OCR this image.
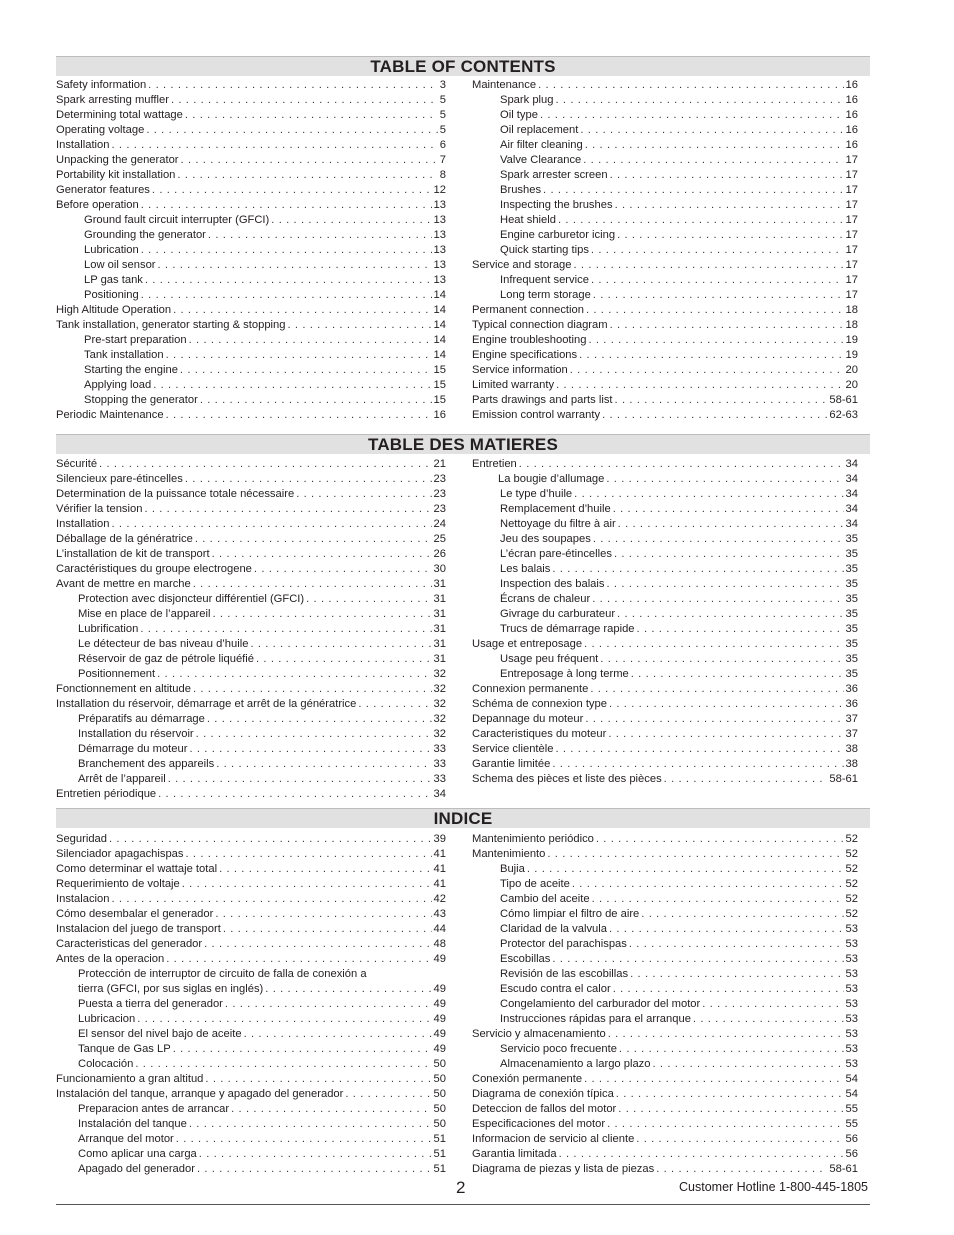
TABLE OF CONTENTS
Safety information . . .	3
Spark arresting muffler . . .	5
Determining total wattage . . .	5
Operating voltage . . .	5
Installation . . .	6
Unpacking the generator . . .	7
Portability kit installation . . .	8
Generator features . . .	12
Before operation . . .	13
Ground fault circuit interrupter (GFCI) . . .	13
Grounding the generator . . .	13
Lubrication . . .	13
Low oil sensor . . .	13
LP gas tank . . .	13
Positioning . . .	14
High Altitude Operation . . .	14
Tank installation, generator starting & stopping . . .	14
Pre-start preparation . . .	14
Tank installation . . .	14
Starting the engine . . .	15
Applying load . . .	15
Stopping the generator . . .	15
Periodic Maintenance . . .	16
Maintenance . . .	16
Spark plug . . .	16
Oil type . . .	16
Oil replacement . . .	16
Air filter cleaning . . .	16
Valve Clearance . . .	17
Spark arrester screen . . .	17
Brushes . . .	17
Inspecting the brushes . . .	17
Heat shield . . .	17
Engine carburetor icing . . .	17
Quick starting tips . . .	17
Service and storage . . .	17
Infrequent service . . .	17
Long term storage . . .	17
Permanent connection . . .	18
Typical connection diagram . . .	18
Engine troubleshooting . . .	19
Engine specifications . . .	19
Service information . . .	20
Limited warranty . . .	20
Parts drawings and parts list . . .	58-61
Emission control warranty . . .	62-63
TABLE DES MATIERES
Sécurité . . .	21
Silencieux pare-étincelles . . .	23
Determination de la puissance totale nécessaire . . .	23
Vérifier la tension . . .	23
Installation . . .	24
Déballage de la génératrice . . .	25
L’installation de kit de transport . . .	26
Caractéristiques du groupe electrogene . . .	30
Avant de mettre en marche . . .	31
Protection avec disjoncteur différentiel (GFCI) . . .	31
Mise en place de l’appareil . . .	31
Lubrification . . .	31
Le détecteur de bas niveau d’huile . . .	31
Réservoir de gaz de pétrole liquéfié . . .	31
Positionnement . . .	32
Fonctionnement en altitude . . .	32
Installation du réservoir, démarrage et arrêt de la génératrice . . .	32
Préparatifs au démarrage . . .	32
Installation du réservoir . . .	32
Démarrage du moteur . . .	33
Branchement des appareils . . .	33
Arrêt de l’appareil . . .	33
Entretien périodique . . .	34
Entretien . . .	34
La bougie d’allumage . . .	34
Le type d’huile . . .	34
Remplacement d’huile . . .	34
Nettoyage du filtre à air . . .	34
Jeu des soupapes . . .	35
L’écran pare-étincelles . . .	35
Les balais . . .	35
Inspection des balais . . .	35
Écrans de chaleur . . .	35
Givrage du carburateur . . .	35
Trucs de démarrage rapide . . .	35
Usage et entreposage . . .	35
Usage peu fréquent . . .	35
Entreposage à long terme . . .	35
Connexion permanente . . .	36
Schéma de connexion type . . .	36
Depannage du moteur . . .	37
Caracteristiques du moteur . . .	37
Service clientèle . . .	38
Garantie limitée . . .	38
Schema des pièces et liste des pièces . . .	58-61
INDICE
Seguridad . . .	39
Silenciador apagachispas . . .	41
Como determinar el wattaje total . . .	41
Requerimiento de voltaje . . .	41
Instalacion . . .	42
Cómo desembalar el generador . . .	43
Instalacion del juego de transport . . .	44
Caracteristicas del generador . . .	48
Antes de la operacion . . .	49
Protección de interruptor de circuito de falla de conexión a
tierra (GFCI, por sus siglas en inglés) . . .	49
Puesta a tierra del generador . . .	49
Lubricacion . . .	49
El sensor del nivel bajo de aceite . . .	49
Tanque de Gas LP . . .	49
Colocación . . .	50
Funcionamiento a gran altitud . . .	50
Instalación del tanque, arranque y apagado del generador . . .	50
Preparacion antes de arrancar . . .	50
Instalación del tanque . . .	50
Arranque del motor . . .	51
Como aplicar una carga . . .	51
Apagado del generador . . .	51
Mantenimiento periódico . . .	52
Mantenimiento . . .	52
Bujia . . .	52
Tipo de aceite . . .	52
Cambio del aceite . . .	52
Cómo limpiar el filtro de aire . . .	52
Claridad de la valvula . . .	53
Protector del parachispas . . .	53
Escobillas . . .	53
Revisión de las escobillas . . .	53
Escudo contra el calor . . .	53
Congelamiento del carburador del motor . . .	53
Instrucciones rápidas para el arranque . . .	53
Servicio y almacenamiento . . .	53
Servicio poco frecuente . . .	53
Almacenamiento a largo plazo . . .	53
Conexión permanente . . .	54
Diagrama de conexión típica . . .	54
Deteccion de fallos del motor . . .	55
Especificaciones del motor . . .	55
Informacion de servicio al cliente . . .	56
Garantia limitada . . .	56
Diagrama de piezas y lista de piezas . . .	58-61
2	Customer Hotline 1-800-445-1805
